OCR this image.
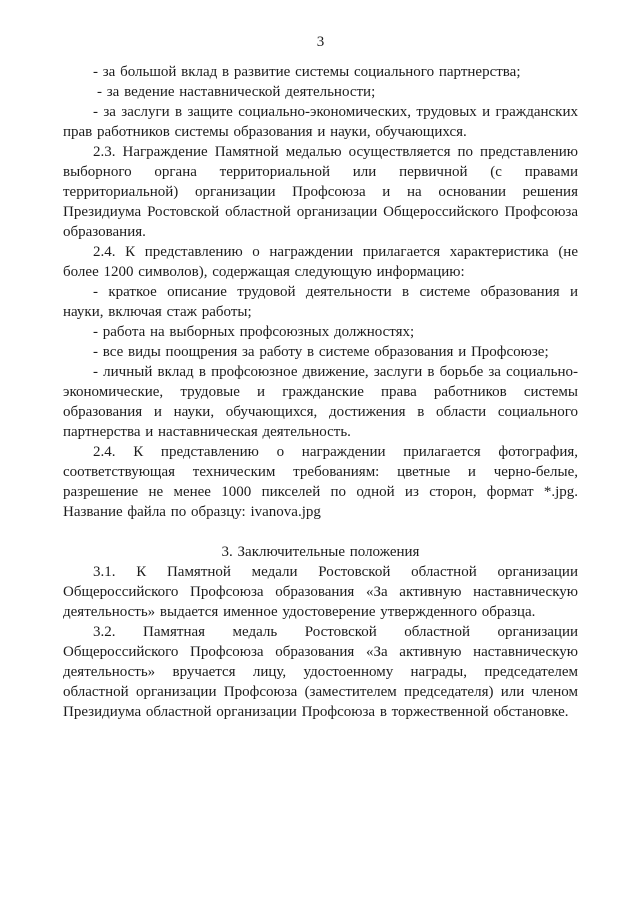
3

- за большой вклад в развитие системы социального партнерства;

- за ведение наставнической деятельности;

- за заслуги в защите социально-экономических, трудовых и гражданских прав работников системы образования и науки, обучающихся.

2.3. Награждение Памятной медалью осуществляется по представлению выборного органа территориальной или первичной (с правами территориальной) организации Профсоюза и на основании решения Президиума Ростовской областной организации Общероссийского Профсоюза образования.

2.4. К представлению о награждении прилагается характеристика (не более 1200 символов), содержащая следующую информацию:

- краткое описание трудовой деятельности в системе образования и науки, включая стаж работы;

- работа на выборных профсоюзных должностях;

- все виды поощрения за работу в системе образования и Профсоюзе;

- личный вклад в профсоюзное движение, заслуги в борьбе за социально-экономические, трудовые и гражданские права работников системы образования и науки, обучающихся, достижения в области социального партнерства и наставническая деятельность.

2.4. К представлению о награждении прилагается фотография, соответствующая техническим требованиям: цветные и черно-белые, разрешение не менее 1000 пикселей по одной из сторон, формат *.jpg. Название файла по образцу: ivanova.jpg

3. Заключительные положения

3.1. К Памятной медали Ростовской областной организации Общероссийского Профсоюза образования «За активную наставническую деятельность» выдается именное удостоверение утвержденного образца.

3.2. Памятная медаль Ростовской областной организации Общероссийского Профсоюза образования «За активную наставническую деятельность» вручается лицу, удостоенному награды, председателем областной организации Профсоюза (заместителем председателя) или членом Президиума областной организации Профсоюза в торжественной обстановке.
